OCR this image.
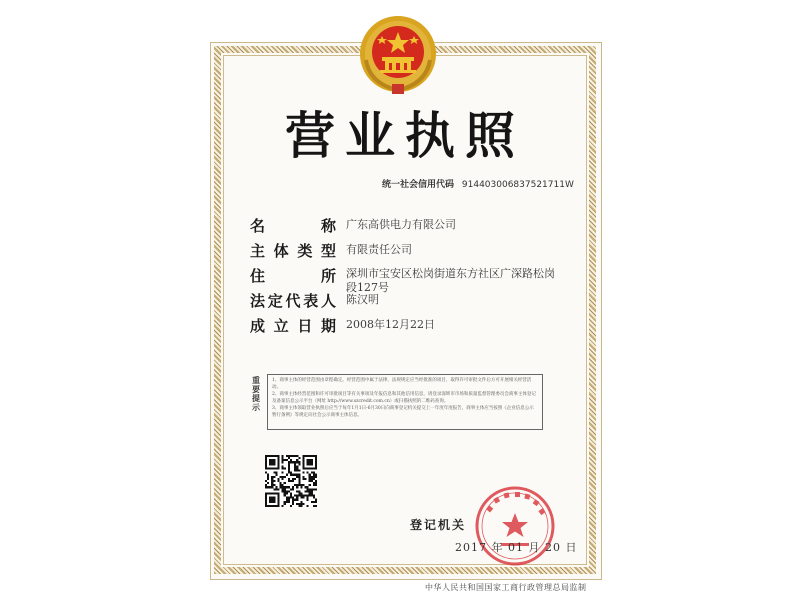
营业执照
统一社会信用代码 914403006837521711W
名	称 广东高供电力有限公司
主 体 类 型 有限责任公司
住	所 深圳市宝安区松岗街道东方社区广深路松岗段127号
法 定 代 表 人 陈汉明
成 立 日 期 2008年12月22日
重
要
提
示
1、商事主体的经营范围由章程确定。经营范围中属于法律、法规规定应当经批准的项目，取得许可审批文件后方可开展相关经营活动。
2、商事主体经营范围和许可审批项目等有关事项及年报信息和其他信用信息，请登录深圳市市场和质量监督管理委员会商事主体登记及备案信息公示平台（网址 http://www.szcredit.com.cn）或扫描执照的二维码查询。
3、商事主体领取营业执照后应当于每年1月1日-6月30日向商事登记机关提交上一年度年度报告，商事主体应当按照《企业信息公示暂行条例》等规定向社会公示商事主体信息。
登记机关
2017 年 01 月 20 日
中华人民共和国国家工商行政管理总局监制
